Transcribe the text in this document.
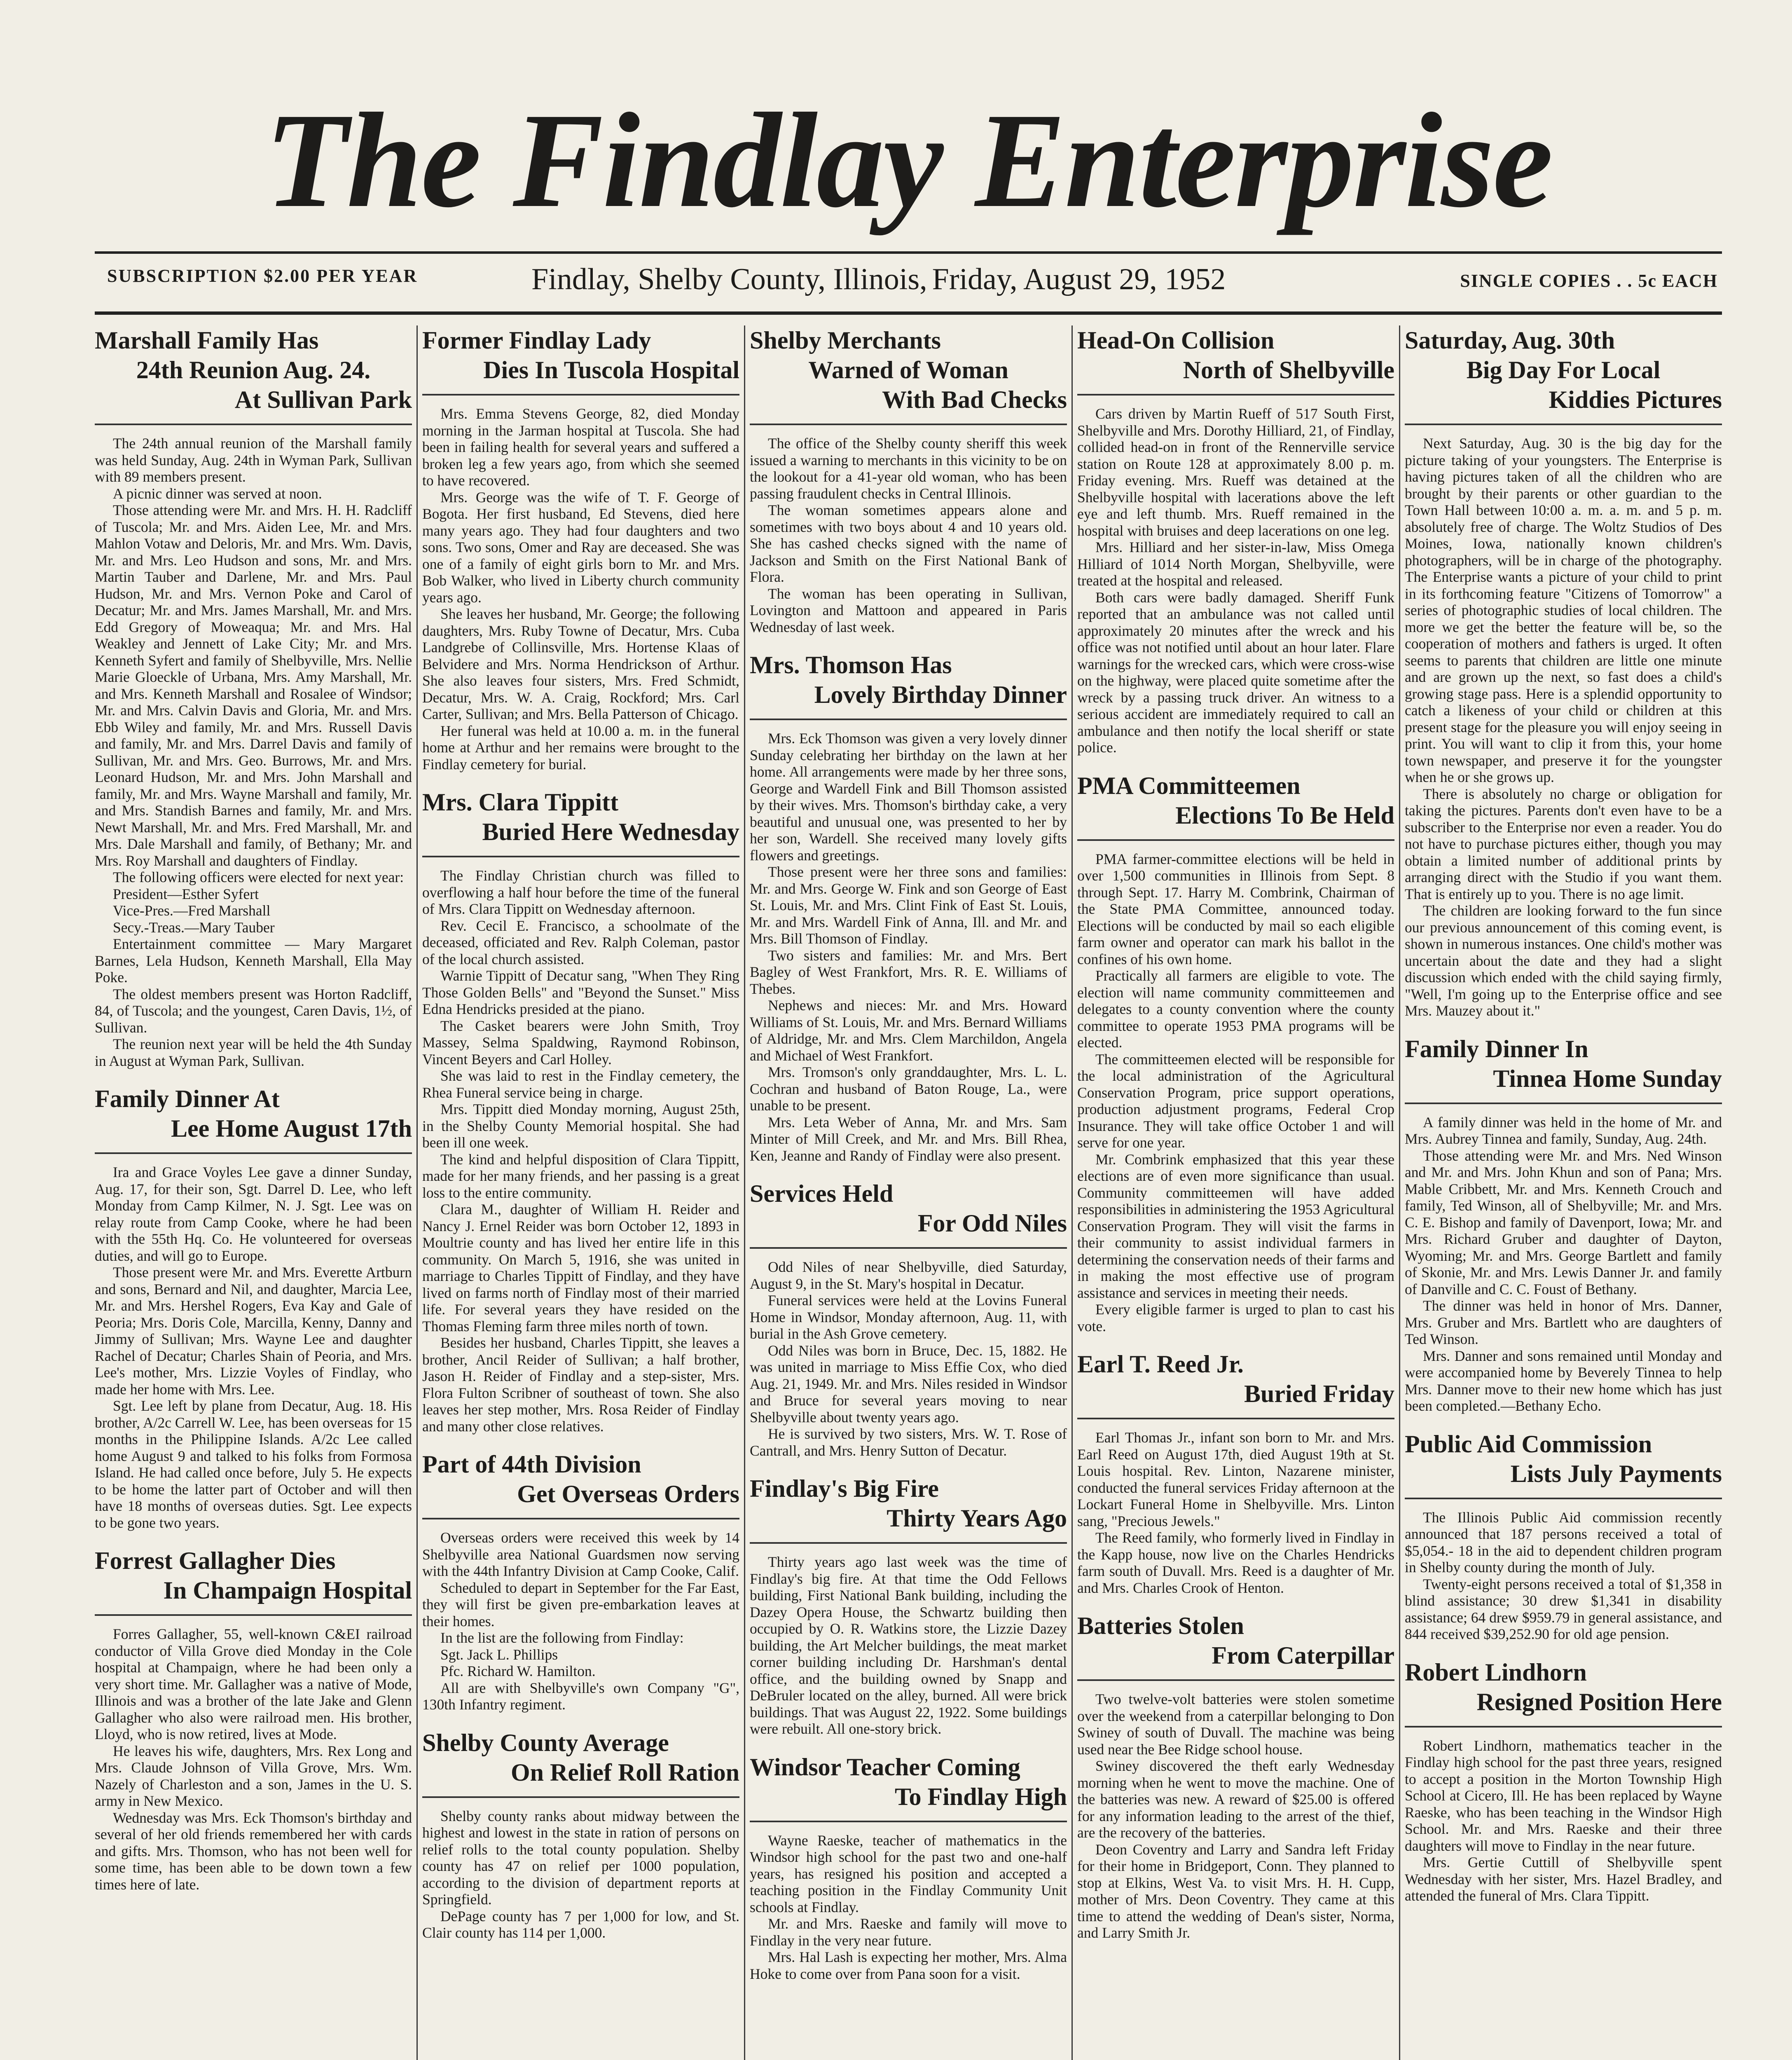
The Findlay Enterprise
SUBSCRIPTION $2.00 PER YEAR	Findlay, Shelby County, Illinois, Friday, August 29, 1952	SINGLE COPIES . . 5c EACH
Marshall Family Has
24th Reunion Aug. 24.
At Sullivan Park

The 24th annual reunion of the Marshall family was held Sunday, Aug. 24th in Wyman Park, Sullivan with 89 members present.

A picnic dinner was served at noon.

Those attending were Mr. and Mrs. H. H. Radcliff of Tuscola; Mr. and Mrs. Aiden Lee, Mr. and Mrs. Mahlon Votaw and Deloris, Mr. and Mrs. Wm. Davis, Mr. and Mrs. Leo Hudson and sons, Mr. and Mrs. Martin Tauber and Darlene, Mr. and Mrs. Paul Hudson, Mr. and Mrs. Vernon Poke and Carol of Decatur; Mr. and Mrs. James Marshall, Mr. and Mrs. Edd Gregory of Moweaqua; Mr. and Mrs. Hal Weakley and Jennett of Lake City; Mr. and Mrs. Kenneth Syfert and family of Shelbyville, Mrs. Nellie Marie Gloeckle of Urbana, Mrs. Amy Marshall, Mr. and Mrs. Kenneth Marshall and Rosalee of Windsor; Mr. and Mrs. Calvin Davis and Gloria, Mr. and Mrs. Ebb Wiley and family, Mr. and Mrs. Russell Davis and family, Mr. and Mrs. Darrel Davis and family of Sullivan, Mr. and Mrs. Geo. Burrows, Mr. and Mrs. Leonard Hudson, Mr. and Mrs. John Marshall and family, Mr. and Mrs. Wayne Marshall and family, Mr. and Mrs. Standish Barnes and family, Mr. and Mrs. Newt Marshall, Mr. and Mrs. Fred Marshall, Mr. and Mrs. Dale Marshall and family, of Bethany; Mr. and Mrs. Roy Marshall and daughters of Findlay.

The following officers were elected for next year:

President—Esther Syfert

Vice-Pres.—Fred Marshall

Secy.-Treas.—Mary Tauber

Entertainment committee — Mary Margaret Barnes, Lela Hudson, Kenneth Marshall, Ella May Poke.

The oldest members present was Horton Radcliff, 84, of Tuscola; and the youngest, Caren Davis, 1½, of Sullivan.

The reunion next year will be held the 4th Sunday in August at Wyman Park, Sullivan.

Family Dinner At
Lee Home August 17th

Ira and Grace Voyles Lee gave a dinner Sunday, Aug. 17, for their son, Sgt. Darrel D. Lee, who left Monday from Camp Kilmer, N. J. Sgt. Lee was on relay route from Camp Cooke, where he had been with the 55th Hq. Co. He volunteered for overseas duties, and will go to Europe.

Those present were Mr. and Mrs. Everette Artburn and sons, Bernard and Nil, and daughter, Marcia Lee, Mr. and Mrs. Hershel Rogers, Eva Kay and Gale of Peoria; Mrs. Doris Cole, Marcilla, Kenny, Danny and Jimmy of Sullivan; Mrs. Wayne Lee and daughter Rachel of Decatur; Charles Shain of Peoria, and Mrs. Lee's mother, Mrs. Lizzie Voyles of Findlay, who made her home with Mrs. Lee.

Sgt. Lee left by plane from Decatur, Aug. 18. His brother, A/2c Carrell W. Lee, has been overseas for 15 months in the Philippine Islands. A/2c Lee called home August 9 and talked to his folks from Formosa Island. He had called once before, July 5. He expects to be home the latter part of October and will then have 18 months of overseas duties. Sgt. Lee expects to be gone two years.

Forrest Gallagher Dies
In Champaign Hospital

Forres Gallagher, 55, well-known C&EI railroad conductor of Villa Grove died Monday in the Cole hospital at Champaign, where he had been only a very short time. Mr. Gallagher was a native of Mode, Illinois and was a brother of the late Jake and Glenn Gallagher who also were railroad men. His brother, Lloyd, who is now retired, lives at Mode.

He leaves his wife, daughters, Mrs. Rex Long and Mrs. Claude Johnson of Villa Grove, Mrs. Wm. Nazely of Charleston and a son, James in the U. S. army in New Mexico.

Wednesday was Mrs. Eck Thomson's birthday and several of her old friends remembered her with cards and gifts. Mrs. Thomson, who has not been well for some time, has been able to be down town a few times here of late.

Former Findlay Lady
Dies In Tuscola Hospital

Mrs. Emma Stevens George, 82, died Monday morning in the Jarman hospital at Tuscola. She had been in failing health for several years and suffered a broken leg a few years ago, from which she seemed to have recovered.

Mrs. George was the wife of T. F. George of Bogota. Her first husband, Ed Stevens, died here many years ago. They had four daughters and two sons. Two sons, Omer and Ray are deceased. She was one of a family of eight girls born to Mr. and Mrs. Bob Walker, who lived in Liberty church community years ago.

She leaves her husband, Mr. George; the following daughters, Mrs. Ruby Towne of Decatur, Mrs. Cuba Landgrebe of Collinsville, Mrs. Hortense Klaas of Belvidere and Mrs. Norma Hendrickson of Arthur. She also leaves four sisters, Mrs. Fred Schmidt, Decatur, Mrs. W. A. Craig, Rockford; Mrs. Carl Carter, Sullivan; and Mrs. Bella Patterson of Chicago.

Her funeral was held at 10.00 a. m. in the funeral home at Arthur and her remains were brought to the Findlay cemetery for burial.

Mrs. Clara Tippitt
Buried Here Wednesday

The Findlay Christian church was filled to overflowing a half hour before the time of the funeral of Mrs. Clara Tippitt on Wednesday afternoon.

Rev. Cecil E. Francisco, a schoolmate of the deceased, officiated and Rev. Ralph Coleman, pastor of the local church assisted.

Warnie Tippitt of Decatur sang, "When They Ring Those Golden Bells" and "Beyond the Sunset." Miss Edna Hendricks presided at the piano.

The Casket bearers were John Smith, Troy Massey, Selma Spaldwing, Raymond Robinson, Vincent Beyers and Carl Holley.

She was laid to rest in the Findlay cemetery, the Rhea Funeral service being in charge.

Mrs. Tippitt died Monday morning, August 25th, in the Shelby County Memorial hospital. She had been ill one week.

The kind and helpful disposition of Clara Tippitt, made for her many friends, and her passing is a great loss to the entire community.

Clara M., daughter of William H. Reider and Nancy J. Ernel Reider was born October 12, 1893 in Moultrie county and has lived her entire life in this community. On March 5, 1916, she was united in marriage to Charles Tippitt of Findlay, and they have lived on farms north of Findlay most of their married life. For several years they have resided on the Thomas Fleming farm three miles north of town.

Besides her husband, Charles Tippitt, she leaves a brother, Ancil Reider of Sullivan; a half brother, Jason H. Reider of Findlay and a step-sister, Mrs. Flora Fulton Scribner of southeast of town. She also leaves her step mother, Mrs. Rosa Reider of Findlay and many other close relatives.

Part of 44th Division
Get Overseas Orders

Overseas orders were received this week by 14 Shelbyville area National Guardsmen now serving with the 44th Infantry Division at Camp Cooke, Calif.

Scheduled to depart in September for the Far East, they will first be given pre-embarkation leaves at their homes.

In the list are the following from Findlay:

Sgt. Jack L. Phillips

Pfc. Richard W. Hamilton.

All are with Shelbyville's own Company "G", 130th Infantry regiment.

Shelby County Average
On Relief Roll Ration

Shelby county ranks about midway between the highest and lowest in the state in ration of persons on relief rolls to the total county population. Shelby county has 47 on relief per 1000 population, according to the division of department reports at Springfield.

DePage county has 7 per 1,000 for low, and St. Clair county has 114 per 1,000.

Shelby Merchants
Warned of Woman
With Bad Checks

The office of the Shelby county sheriff this week issued a warning to merchants in this vicinity to be on the lookout for a 41-year old woman, who has been passing fraudulent checks in Central Illinois.

The woman sometimes appears alone and sometimes with two boys about 4 and 10 years old. She has cashed checks signed with the name of Jackson and Smith on the First National Bank of Flora.

The woman has been operating in Sullivan, Lovington and Mattoon and appeared in Paris Wednesday of last week.

Mrs. Thomson Has
Lovely Birthday Dinner

Mrs. Eck Thomson was given a very lovely dinner Sunday celebrating her birthday on the lawn at her home. All arrangements were made by her three sons, George and Wardell Fink and Bill Thomson assisted by their wives. Mrs. Thomson's birthday cake, a very beautiful and unusual one, was presented to her by her son, Wardell. She received many lovely gifts flowers and greetings.

Those present were her three sons and families: Mr. and Mrs. George W. Fink and son George of East St. Louis, Mr. and Mrs. Clint Fink of East St. Louis, Mr. and Mrs. Wardell Fink of Anna, Ill. and Mr. and Mrs. Bill Thomson of Findlay.

Two sisters and families: Mr. and Mrs. Bert Bagley of West Frankfort, Mrs. R. E. Williams of Thebes.

Nephews and nieces: Mr. and Mrs. Howard Williams of St. Louis, Mr. and Mrs. Bernard Williams of Aldridge, Mr. and Mrs. Clem Marchildon, Angela and Michael of West Frankfort.

Mrs. Tromson's only granddaughter, Mrs. L. L. Cochran and husband of Baton Rouge, La., were unable to be present.

Mrs. Leta Weber of Anna, Mr. and Mrs. Sam Minter of Mill Creek, and Mr. and Mrs. Bill Rhea, Ken, Jeanne and Randy of Findlay were also present.

Services Held
For Odd Niles

Odd Niles of near Shelbyville, died Saturday, August 9, in the St. Mary's hospital in Decatur.

Funeral services were held at the Lovins Funeral Home in Windsor, Monday afternoon, Aug. 11, with burial in the Ash Grove cemetery.

Odd Niles was born in Bruce, Dec. 15, 1882. He was united in marriage to Miss Effie Cox, who died Aug. 21, 1949. Mr. and Mrs. Niles resided in Windsor and Bruce for several years moving to near Shelbyville about twenty years ago.

He is survived by two sisters, Mrs. W. T. Rose of Cantrall, and Mrs. Henry Sutton of Decatur.

Findlay's Big Fire
Thirty Years Ago

Thirty years ago last week was the time of Findlay's big fire. At that time the Odd Fellows building, First National Bank building, including the Dazey Opera House, the Schwartz building then occupied by O. R. Watkins store, the Lizzie Dazey building, the Art Melcher buildings, the meat market corner building including Dr. Harshman's dental office, and the building owned by Snapp and DeBruler located on the alley, burned. All were brick buildings. That was August 22, 1922. Some buildings were rebuilt. All one-story brick.

Windsor Teacher Coming
To Findlay High

Wayne Raeske, teacher of mathematics in the Windsor high school for the past two and one-half years, has resigned his position and accepted a teaching position in the Findlay Community Unit schools at Findlay.

Mr. and Mrs. Raeske and family will move to Findlay in the very near future.

Mrs. Hal Lash is expecting her mother, Mrs. Alma Hoke to come over from Pana soon for a visit.

Head-On Collision
North of Shelbyville

Cars driven by Martin Rueff of 517 South First, Shelbyville and Mrs. Dorothy Hilliard, 21, of Findlay, collided head-on in front of the Rennerville service station on Route 128 at approximately 8.00 p. m. Friday evening. Mrs. Rueff was detained at the Shelbyville hospital with lacerations above the left eye and left thumb. Mrs. Rueff remained in the hospital with bruises and deep lacerations on one leg.

Mrs. Hilliard and her sister-in-law, Miss Omega Hilliard of 1014 North Morgan, Shelbyville, were treated at the hospital and released.

Both cars were badly damaged. Sheriff Funk reported that an ambulance was not called until approximately 20 minutes after the wreck and his office was not notified until about an hour later. Flare warnings for the wrecked cars, which were cross-wise on the highway, were placed quite sometime after the wreck by a passing truck driver. An witness to a serious accident are immediately required to call an ambulance and then notify the local sheriff or state police.

PMA Committeemen
Elections To Be Held

PMA farmer-committee elections will be held in over 1,500 communities in Illinois from Sept. 8 through Sept. 17. Harry M. Combrink, Chairman of the State PMA Committee, announced today. Elections will be conducted by mail so each eligible farm owner and operator can mark his ballot in the confines of his own home.

Practically all farmers are eligible to vote. The election will name community committeemen and delegates to a county convention where the county committee to operate 1953 PMA programs will be elected.

The committeemen elected will be responsible for the local administration of the Agricultural Conservation Program, price support operations, production adjustment programs, Federal Crop Insurance. They will take office October 1 and will serve for one year.

Mr. Combrink emphasized that this year these elections are of even more significance than usual. Community committeemen will have added responsibilities in administering the 1953 Agricultural Conservation Program. They will visit the farms in their community to assist individual farmers in determining the conservation needs of their farms and in making the most effective use of program assistance and services in meeting their needs.

Every eligible farmer is urged to plan to cast his vote.

Earl T. Reed Jr.
Buried Friday

Earl Thomas Jr., infant son born to Mr. and Mrs. Earl Reed on August 17th, died August 19th at St. Louis hospital. Rev. Linton, Nazarene minister, conducted the funeral services Friday afternoon at the Lockart Funeral Home in Shelbyville. Mrs. Linton sang, "Precious Jewels."

The Reed family, who formerly lived in Findlay in the Kapp house, now live on the Charles Hendricks farm south of Duvall. Mrs. Reed is a daughter of Mr. and Mrs. Charles Crook of Henton.

Batteries Stolen
From Caterpillar

Two twelve-volt batteries were stolen sometime over the weekend from a caterpillar belonging to Don Swiney of south of Duvall. The machine was being used near the Bee Ridge school house.

Swiney discovered the theft early Wednesday morning when he went to move the machine. One of the batteries was new. A reward of $25.00 is offered for any information leading to the arrest of the thief, are the recovery of the batteries.

Deon Coventry and Larry and Sandra left Friday for their home in Bridgeport, Conn. They planned to stop at Elkins, West Va. to visit Mrs. H. H. Cupp, mother of Mrs. Deon Coventry. They came at this time to attend the wedding of Dean's sister, Norma, and Larry Smith Jr.

Saturday, Aug. 30th
Big Day For Local
Kiddies Pictures

Next Saturday, Aug. 30 is the big day for the picture taking of your youngsters. The Enterprise is having pictures taken of all the children who are brought by their parents or other guardian to the Town Hall between 10:00 a. m. a. m. and 5 p. m. absolutely free of charge. The Woltz Studios of Des Moines, Iowa, nationally known children's photographers, will be in charge of the photography. The Enterprise wants a picture of your child to print in its forthcoming feature "Citizens of Tomorrow" a series of photographic studies of local children. The more we get the better the feature will be, so the cooperation of mothers and fathers is urged. It often seems to parents that children are little one minute and are grown up the next, so fast does a child's growing stage pass. Here is a splendid opportunity to catch a likeness of your child or children at this present stage for the pleasure you will enjoy seeing in print. You will want to clip it from this, your home town newspaper, and preserve it for the youngster when he or she grows up.

There is absolutely no charge or obligation for taking the pictures. Parents don't even have to be a subscriber to the Enterprise nor even a reader. You do not have to purchase pictures either, though you may obtain a limited number of additional prints by arranging direct with the Studio if you want them. That is entirely up to you. There is no age limit.

The children are looking forward to the fun since our previous announcement of this coming event, is shown in numerous instances. One child's mother was uncertain about the date and they had a slight discussion which ended with the child saying firmly, "Well, I'm going up to the Enterprise office and see Mrs. Mauzey about it."

Family Dinner In
Tinnea Home Sunday

A family dinner was held in the home of Mr. and Mrs. Aubrey Tinnea and family, Sunday, Aug. 24th.

Those attending were Mr. and Mrs. Ned Winson and Mr. and Mrs. John Khun and son of Pana; Mrs. Mable Cribbett, Mr. and Mrs. Kenneth Crouch and family, Ted Winson, all of Shelbyville; Mr. and Mrs. C. E. Bishop and family of Davenport, Iowa; Mr. and Mrs. Richard Gruber and daughter of Dayton, Wyoming; Mr. and Mrs. George Bartlett and family of Skonie, Mr. and Mrs. Lewis Danner Jr. and family of Danville and C. C. Foust of Bethany.

The dinner was held in honor of Mrs. Danner, Mrs. Gruber and Mrs. Bartlett who are daughters of Ted Winson.

Mrs. Danner and sons remained until Monday and were accompanied home by Beverely Tinnea to help Mrs. Danner move to their new home which has just been completed.—Bethany Echo.

Public Aid Commission
Lists July Payments

The Illinois Public Aid commission recently announced that 187 persons received a total of $5,054.- 18 in the aid to dependent children program in Shelby county during the month of July.

Twenty-eight persons received a total of $1,358 in blind assistance; 30 drew $1,341 in disability assistance; 64 drew $959.79 in general assistance, and 844 received $39,252.90 for old age pension.

Robert Lindhorn
Resigned Position Here

Robert Lindhorn, mathematics teacher in the Findlay high school for the past three years, resigned to accept a position in the Morton Township High School at Cicero, Ill. He has been replaced by Wayne Raeske, who has been teaching in the Windsor High School. Mr. and Mrs. Raeske and their three daughters will move to Findlay in the near future.

Mrs. Gertie Cuttill of Shelbyville spent Wednesday with her sister, Mrs. Hazel Bradley, and attended the funeral of Mrs. Clara Tippitt.
